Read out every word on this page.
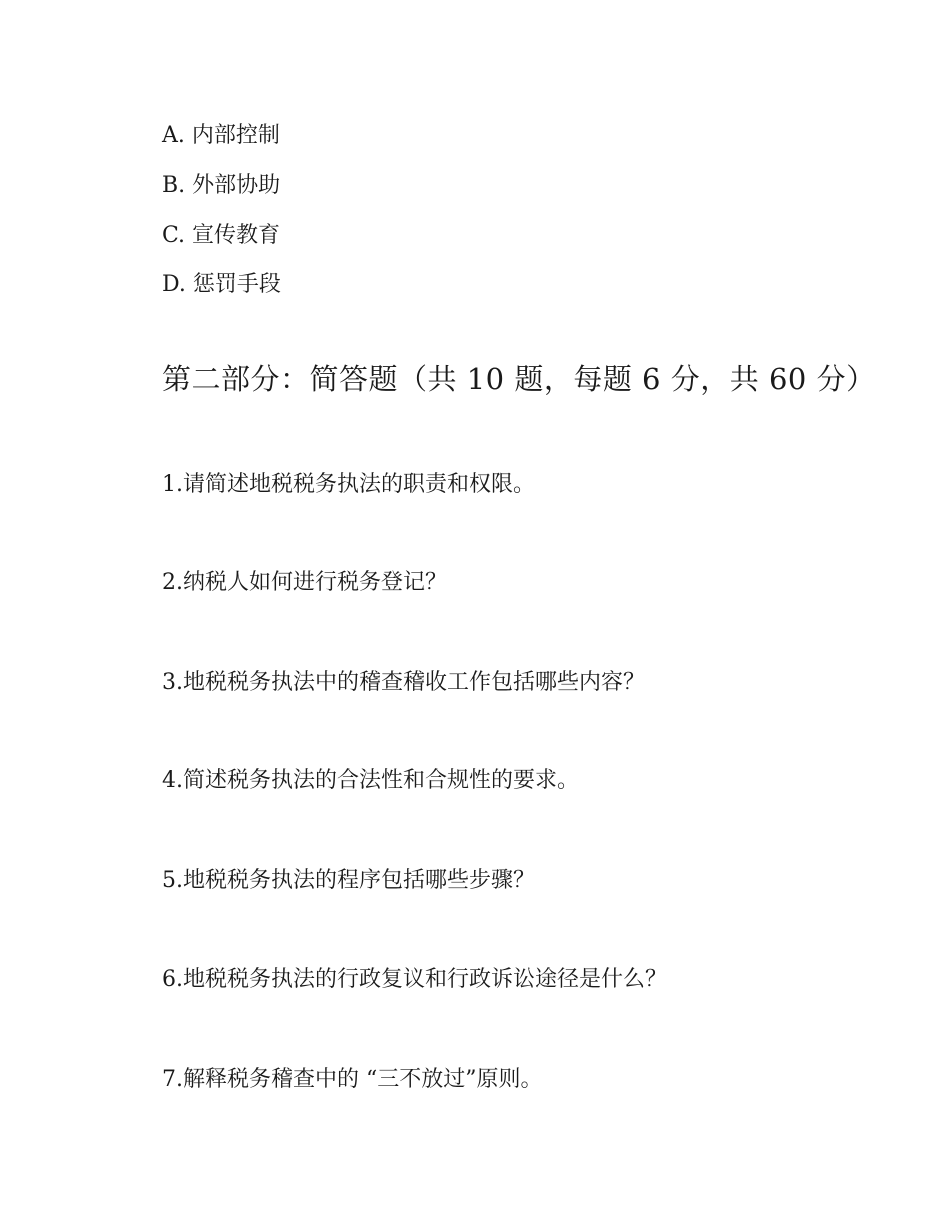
A. 内部控制
B. 外部协助
C. 宣传教育
D. 惩罚手段
第二部分：简答题（共 10 题，每题 6 分，共 60 分）
1.请简述地税税务执法的职责和权限。
2.纳税人如何进行税务登记？
3.地税税务执法中的稽查稽收工作包括哪些内容？
4.简述税务执法的合法性和合规性的要求。
5.地税税务执法的程序包括哪些步骤？
6.地税税务执法的行政复议和行政诉讼途径是什么？
7.解释税务稽查中的 “三不放过”原则。
